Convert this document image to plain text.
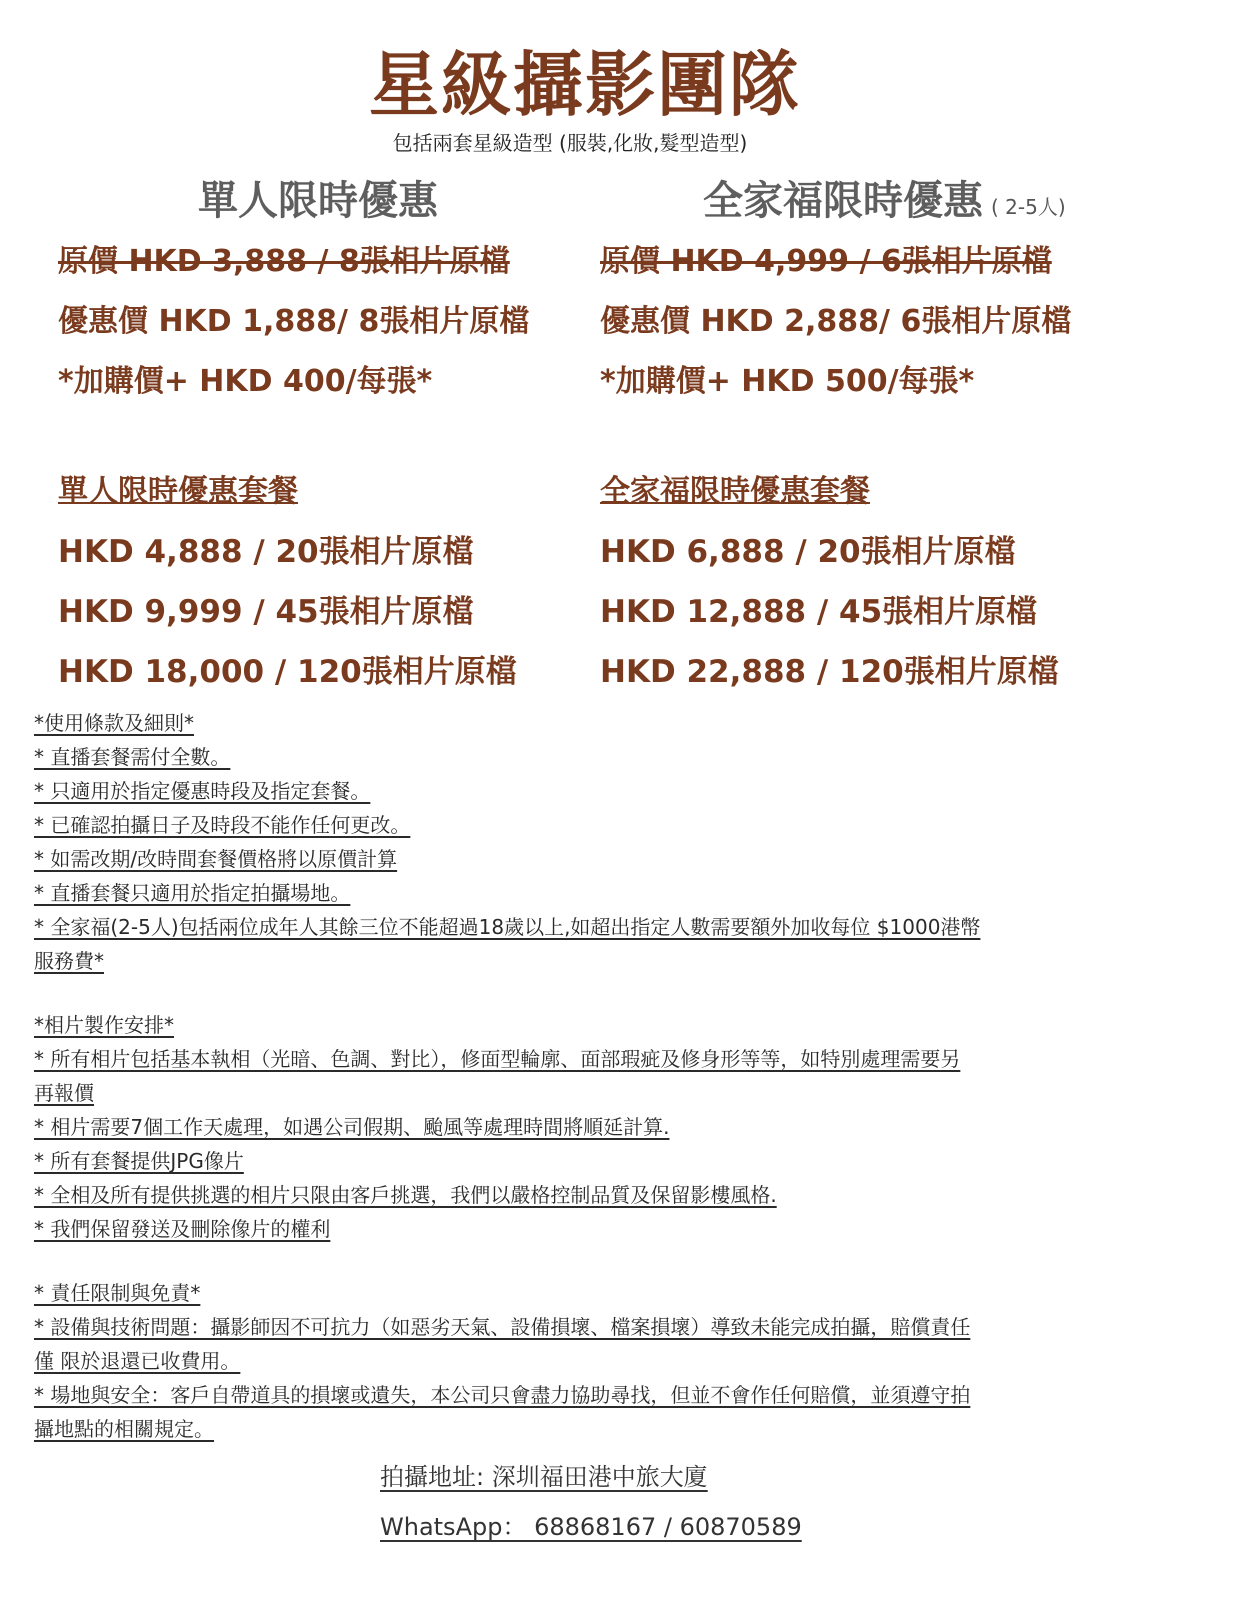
星級攝影團隊
包括兩套星級造型 (服裝,化妝,髮型造型)
單人限時優惠
原價 HKD 3,888 / 8張相片原檔
優惠價 HKD 1,888/ 8張相片原檔
*加購價+ HKD 400/每張*
單人限時優惠套餐
HKD 4,888 / 20張相片原檔
HKD 9,999 / 45張相片原檔
HKD 18,000 / 120張相片原檔
全家福限時優惠 ( 2-5人)
原價 HKD 4,999 / 6張相片原檔
優惠價 HKD 2,888/ 6張相片原檔
*加購價+ HKD 500/每張*
全家福限時優惠套餐
HKD 6,888 / 20張相片原檔
HKD 12,888 / 45張相片原檔
HKD 22,888 / 120張相片原檔
*使用條款及細則*
* 直播套餐需付全數。
* 只適用於指定優惠時段及指定套餐。
* 已確認拍攝日子及時段不能作任何更改。
* 如需改期/改時間套餐價格將以原價計算
* 直播套餐只適用於指定拍攝場地。
* 全家福(2-5人)包括兩位成年人其餘三位不能超過18歲以上,如超出指定人數需要額外加收每位 $1000港幣
服務費*
*相片製作安排*
* 所有相片包括基本執相（光暗、色調、對比），修面型輪廓、面部瑕疵及修身形等等，如特別處理需要另
再報價
* 相片需要7個工作天處理，如遇公司假期、颱風等處理時間將順延計算.
* 所有套餐提供JPG像片
* 全相及所有提供挑選的相片只限由客戶挑選，我們以嚴格控制品質及保留影樓風格.
* 我們保留發送及刪除像片的權利
* 責任限制與免責*
* 設備與技術問題：攝影師因不可抗力（如惡劣天氣、設備損壞、檔案損壞）導致未能完成拍攝，賠償責任
僅 限於退還已收費用。
* 場地與安全：客戶自帶道具的損壞或遺失，本公司只會盡力協助尋找，但並不會作任何賠償，並須遵守拍
攝地點的相關規定。
拍攝地址: 深圳福田港中旅大廈
WhatsApp： 68868167 / 60870589
